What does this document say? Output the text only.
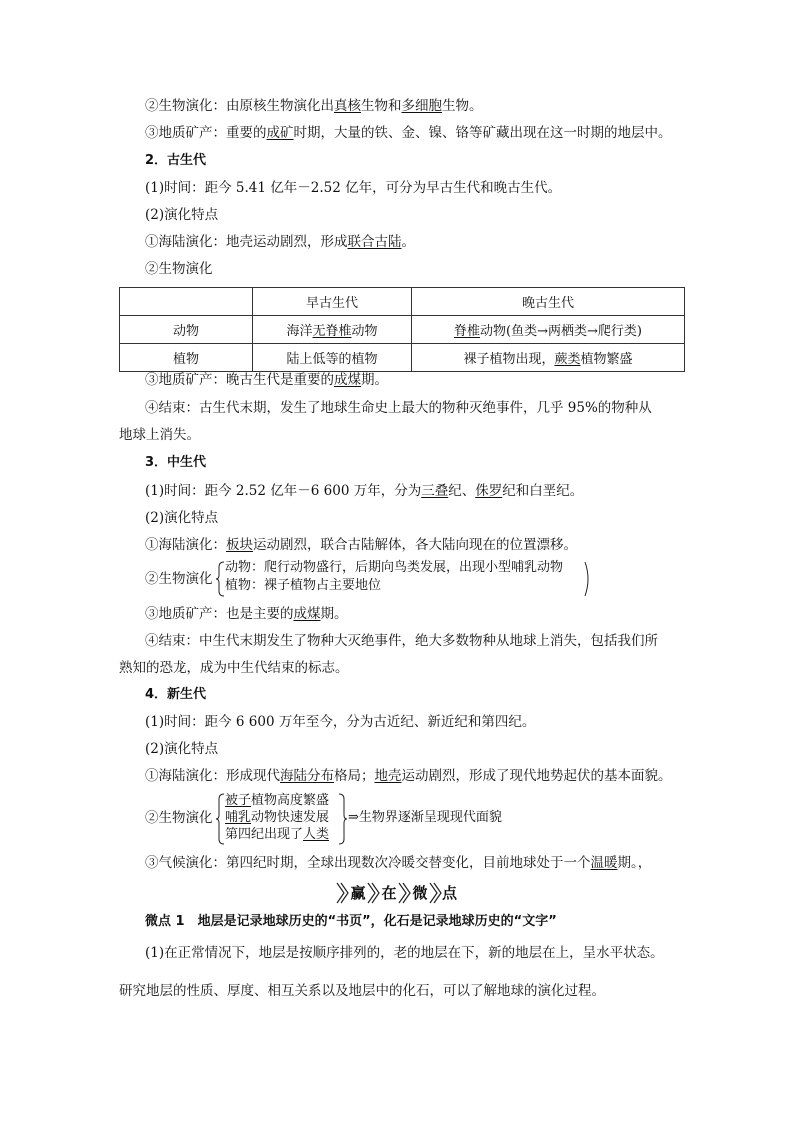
②生物演化：由原核生物演化出真核生物和多细胞生物。
③地质矿产：重要的成矿时期，大量的铁、金、镍、铬等矿藏出现在这一时期的地层中。
2．古生代
(1)时间：距今 5.41 亿年－2.52 亿年，可分为早古生代和晚古生代。
(2)演化特点
①海陆演化：地壳运动剧烈，形成联合古陆。
②生物演化
	早古生代	晚古生代
动物	海洋无脊椎动物	脊椎动物(鱼类→两栖类→爬行类)
植物	陆上低等的植物	裸子植物出现，蕨类植物繁盛
③地质矿产：晚古生代是重要的成煤期。
④结束：古生代末期，发生了地球生命史上最大的物种灭绝事件，几乎 95%的物种从
地球上消失。
3．中生代
(1)时间：距今 2.52 亿年－6 600 万年，分为三叠纪、侏罗纪和白垩纪。
(2)演化特点
①海陆演化：板块运动剧烈，联合古陆解体，各大陆向现在的位置漂移。
②生物演化
动物：爬行动物盛行，后期向鸟类发展，出现小型哺乳动物
植物：裸子植物占主要地位
③地质矿产：也是主要的成煤期。
④结束：中生代末期发生了物种大灭绝事件，绝大多数物种从地球上消失，包括我们所
熟知的恐龙，成为中生代结束的标志。
4．新生代
(1)时间：距今 6 600 万年至今，分为古近纪、新近纪和第四纪。
(2)演化特点
①海陆演化：形成现代海陆分布格局；地壳运动剧烈，形成了现代地势起伏的基本面貌。
②生物演化
被子植物高度繁盛
哺乳动物快速发展
第四纪出现了人类
⇒生物界逐渐呈现现代面貌
③气候演化：第四纪时期，全球出现数次冷暖交替变化，目前地球处于一个温暖期。，
赢 在 微 点
微点 1　地层是记录地球历史的“书页”，化石是记录地球历史的“文字”
(1)在正常情况下，地层是按顺序排列的，老的地层在下，新的地层在上，呈水平状态。
研究地层的性质、厚度、相互关系以及地层中的化石，可以了解地球的演化过程。
